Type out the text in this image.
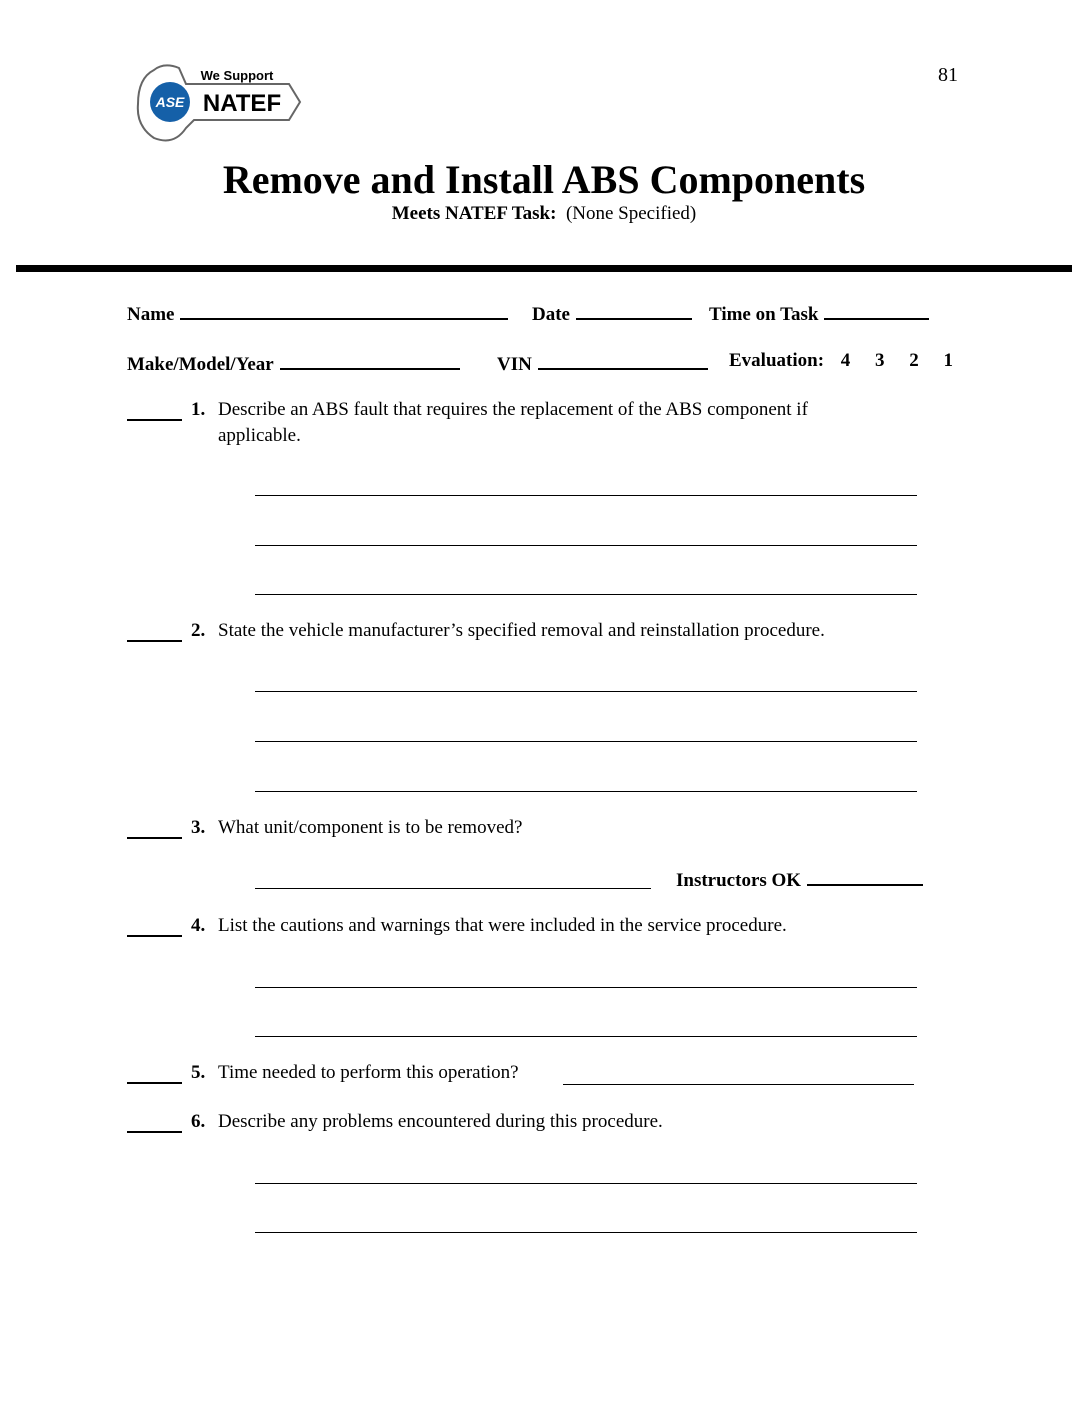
ASE
We Support
NATEF
81
Remove and Install ABS Components
Meets NATEF Task: (None Specified)
Name	Date	Time on Task
Make/Model/Year	VIN	Evaluation: 4 3 2 1
1. Describe an ABS fault that requires the replacement of the ABS component if
applicable.
2. State the vehicle manufacturer’s specified removal and reinstallation procedure.
3. What unit/component is to be removed?
Instructors OK
4. List the cautions and warnings that were included in the service procedure.
5. Time needed to perform this operation?
6. Describe any problems encountered during this procedure.
